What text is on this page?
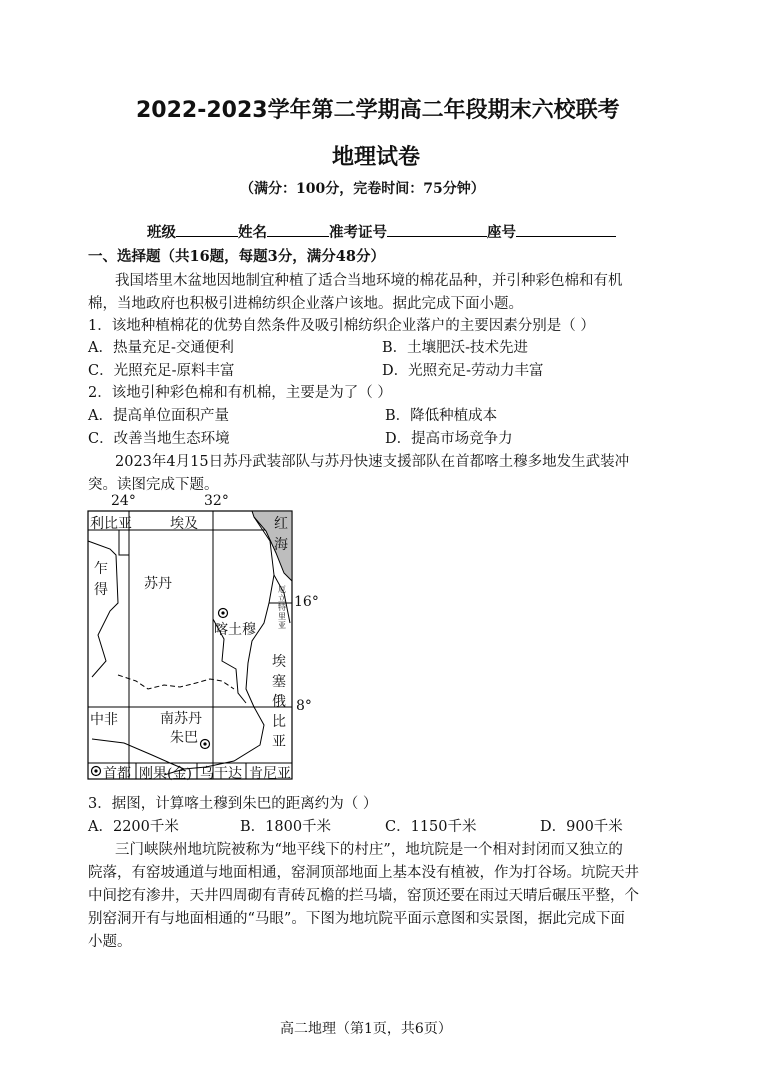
2022-2023学年第二学期高二年段期末六校联考
地理试卷
（满分：100分，完卷时间：75分钟）
班级	姓名	准考证号	座号
一、选择题（共16题，每题3分，满分48分）
我国塔里木盆地因地制宜种植了适合当地环境的棉花品种，并引种彩色棉和有机
棉，当地政府也积极引进棉纺织企业落户该地。据此完成下面小题。
1．该地种植棉花的优势自然条件及吸引棉纺织企业落户的主要因素分别是（ ）
A．热量充足-交通便利	B．土壤肥沃-技术先进
C．光照充足-原料丰富	D．光照充足-劳动力丰富
2．该地引种彩色棉和有机棉，主要是为了（ ）
A．提高单位面积产量	B．降低种植成本
C．改善当地生态环境	D．提高市场竞争力
2023年4月15日苏丹武装部队与苏丹快速支援部队在首都喀土穆多地发生武装冲
突。读图完成下题。
24°	32°
16°
8°
利比亚	埃及	红
海
乍
得	苏丹
喀土穆
厄立特里亚
埃
塞
俄
比
亚
中非	南苏丹
朱巴
首都 刚果(金) 乌干达 肯尼亚
3．据图，计算喀土穆到朱巴的距离约为（ ）
A．2200千米	B．1800千米	C．1150千米	D．900千米
三门峡陕州地坑院被称为“地平线下的村庄”，地坑院是一个相对封闭而又独立的
院落，有窑坡通道与地面相通，窑洞顶部地面上基本没有植被，作为打谷场。坑院天井
中间挖有渗井，天井四周砌有青砖瓦檐的拦马墙，窑顶还要在雨过天晴后碾压平整，个
别窑洞开有与地面相通的“马眼”。下图为地坑院平面示意图和实景图，据此完成下面
小题。
高二地理（第1页，共6页）
